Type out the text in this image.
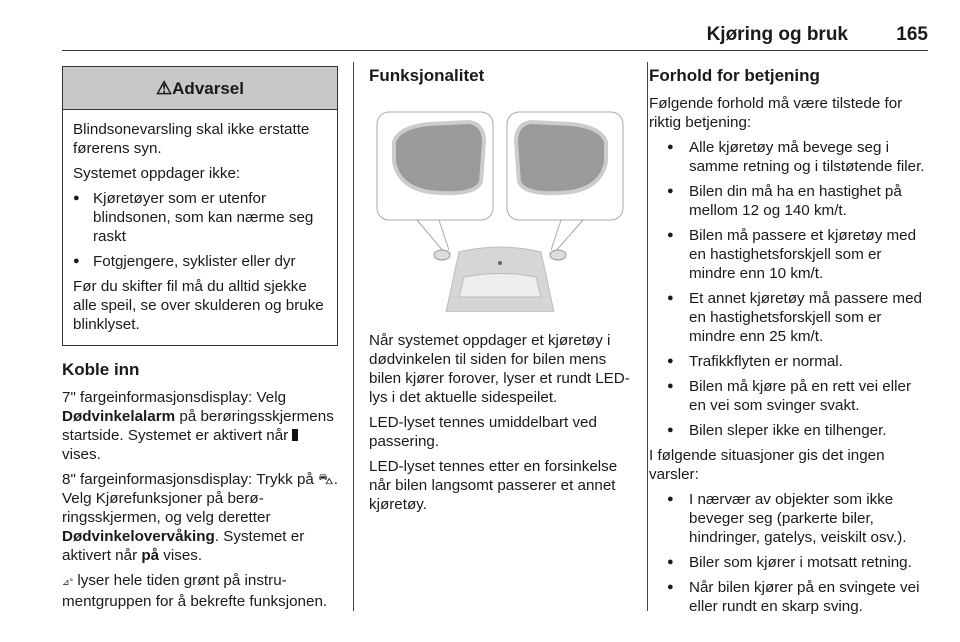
Kjøring og bruk	165
⚠Advarsel

Blindsonevarsling skal ikke erstatte førerens syn.

Systemet oppdager ikke:

● Kjøretøyer som er utenfor blindsonen, som kan nærme seg raskt
● Fotgjengere, syklister eller dyr

Før du skifter fil må du alltid sjekke alle speil, se over skulderen og bruke blinklyset.

Koble inn

7" fargeinformasjonsdisplay: Velg Dødvinkelalarm på berøringsskjermens startside. Systemet er aktivert når  vises.

8" fargeinformasjonsdisplay: Trykk på ⛍. Velg Kjørefunksjoner på berøringsskjermen, og velg deretter Dødvinkelovervåking. Systemet er aktivert når på vises.

⊿° lyser hele tiden grønt på instrumentgruppen for å bekrefte funksjonen.

Funksjonalitet

Når systemet oppdager et kjøretøy i dødvinkelen til siden for bilen mens bilen kjører forover, lyser et rundt LED-lys i det aktuelle sidespeilet.

LED-lyset tennes umiddelbart ved passering.

LED-lyset tennes etter en forsinkelse når bilen langsomt passerer et annet kjøretøy.

Forhold for betjening

Følgende forhold må være tilstede for riktig betjening:

● Alle kjøretøy må bevege seg i samme retning og i tilstøtende filer.
● Bilen din må ha en hastighet på mellom 12 og 140 km/t.
● Bilen må passere et kjøretøy med en hastighetsforskjell som er mindre enn 10 km/t.
● Et annet kjøretøy må passere med en hastighetsforskjell som er mindre enn 25 km/t.
● Trafikkflyten er normal.
● Bilen må kjøre på en rett vei eller en vei som svinger svakt.
● Bilen sleper ikke en tilhenger.

I følgende situasjoner gis det ingen varsler:

● I nærvær av objekter som ikke beveger seg (parkerte biler, hindringer, gatelys, veiskilt osv.).
● Biler som kjører i motsatt retning.
● Når bilen kjører på en svingete vei eller rundt en skarp sving.
